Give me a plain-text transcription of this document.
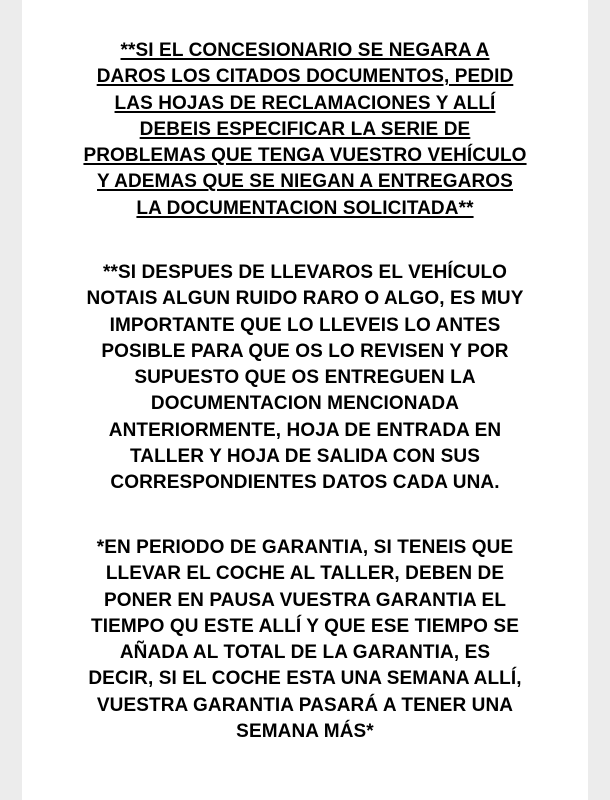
**SI EL CONCESIONARIO SE NEGARA A
DAROS LOS CITADOS DOCUMENTOS, PEDID
LAS HOJAS DE RECLAMACIONES Y ALLÍ
DEBEIS ESPECIFICAR LA SERIE DE
PROBLEMAS QUE TENGA VUESTRO VEHÍCULO
Y ADEMAS QUE SE NIEGAN A ENTREGAROS
LA DOCUMENTACION SOLICITADA**

**SI DESPUES DE LLEVAROS EL VEHÍCULO
NOTAIS ALGUN RUIDO RARO O ALGO, ES MUY
IMPORTANTE QUE LO LLEVEIS LO ANTES
POSIBLE PARA QUE OS LO REVISEN Y POR
SUPUESTO QUE OS ENTREGUEN LA
DOCUMENTACION MENCIONADA
ANTERIORMENTE, HOJA DE ENTRADA EN
TALLER Y HOJA DE SALIDA CON SUS
CORRESPONDIENTES DATOS CADA UNA.

*EN PERIODO DE GARANTIA, SI TENEIS QUE
LLEVAR EL COCHE AL TALLER, DEBEN DE
PONER EN PAUSA VUESTRA GARANTIA EL
TIEMPO QU ESTE ALLÍ Y QUE ESE TIEMPO SE
AÑADA AL TOTAL DE LA GARANTIA, ES
DECIR, SI EL COCHE ESTA UNA SEMANA ALLÍ,
VUESTRA GARANTIA PASARÁ A TENER UNA
SEMANA MÁS*
